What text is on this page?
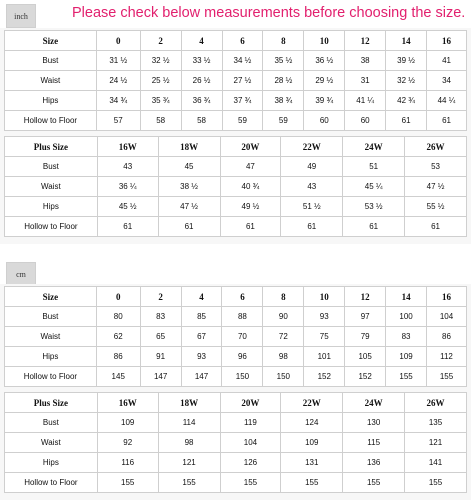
inch	Please check below measurements before choosing the size.
Size	0	2	4	6	8	10	12	14	16
Bust	31 ½	32 ½	33 ½	34 ½	35 ½	36 ½	38	39 ½	41
Waist	24 ½	25 ½	26 ½	27 ½	28 ½	29 ½	31	32 ½	34
Hips	34 ¾	35 ¾	36 ¾	37 ¾	38 ¾	39 ¾	41 ¼	42 ¾	44 ¼
Hollow to Floor	57	58	58	59	59	60	60	61	61
Plus Size	16W	18W	20W	22W	24W	26W
Bust	43	45	47	49	51	53
Waist	36 ¼	38 ½	40 ¾	43	45 ¼	47 ½
Hips	45 ½	47 ½	49 ½	51 ½	53 ½	55 ½
Hollow to Floor	61	61	61	61	61	61
cm
Size	0	2	4	6	8	10	12	14	16
Bust	80	83	85	88	90	93	97	100	104
Waist	62	65	67	70	72	75	79	83	86
Hips	86	91	93	96	98	101	105	109	112
Hollow to Floor	145	147	147	150	150	152	152	155	155
Plus Size	16W	18W	20W	22W	24W	26W
Bust	109	114	119	124	130	135
Waist	92	98	104	109	115	121
Hips	116	121	126	131	136	141
Hollow to Floor	155	155	155	155	155	155
